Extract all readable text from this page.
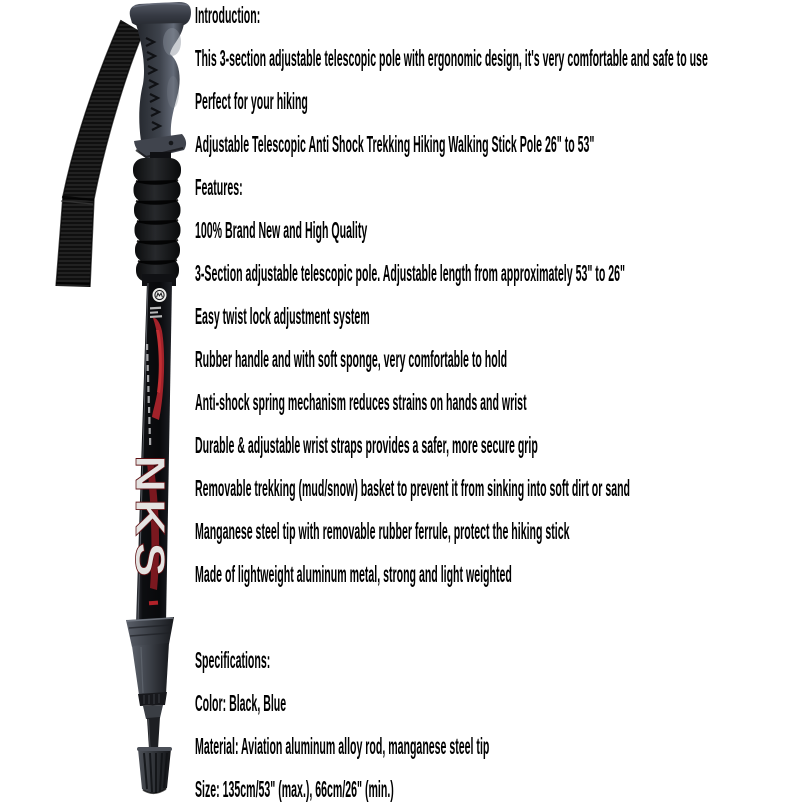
NKS

Introduction:

This 3-section adjustable telescopic pole with ergonomic design, it's very comfortable and safe to use

Perfect for your hiking

Adjustable Telescopic Anti Shock Trekking Hiking Walking Stick Pole 26" to 53"

Features:

100% Brand New and High Quality

3-Section adjustable telescopic pole. Adjustable length from approximately 53" to 26"

Easy twist lock adjustment system

Rubber handle and with soft sponge, very comfortable to hold

Anti-shock spring mechanism reduces strains on hands and wrist

Durable & adjustable wrist straps provides a safer, more secure grip

Removable trekking (mud/snow) basket to prevent it from sinking into soft dirt or sand

Manganese steel tip with removable rubber ferrule, protect the hiking stick

Made of lightweight aluminum metal, strong and light weighted

Specifications:

Color: Black, Blue

Material: Aviation aluminum alloy rod, manganese steel tip

Size: 135cm/53" (max.), 66cm/26" (min.)
